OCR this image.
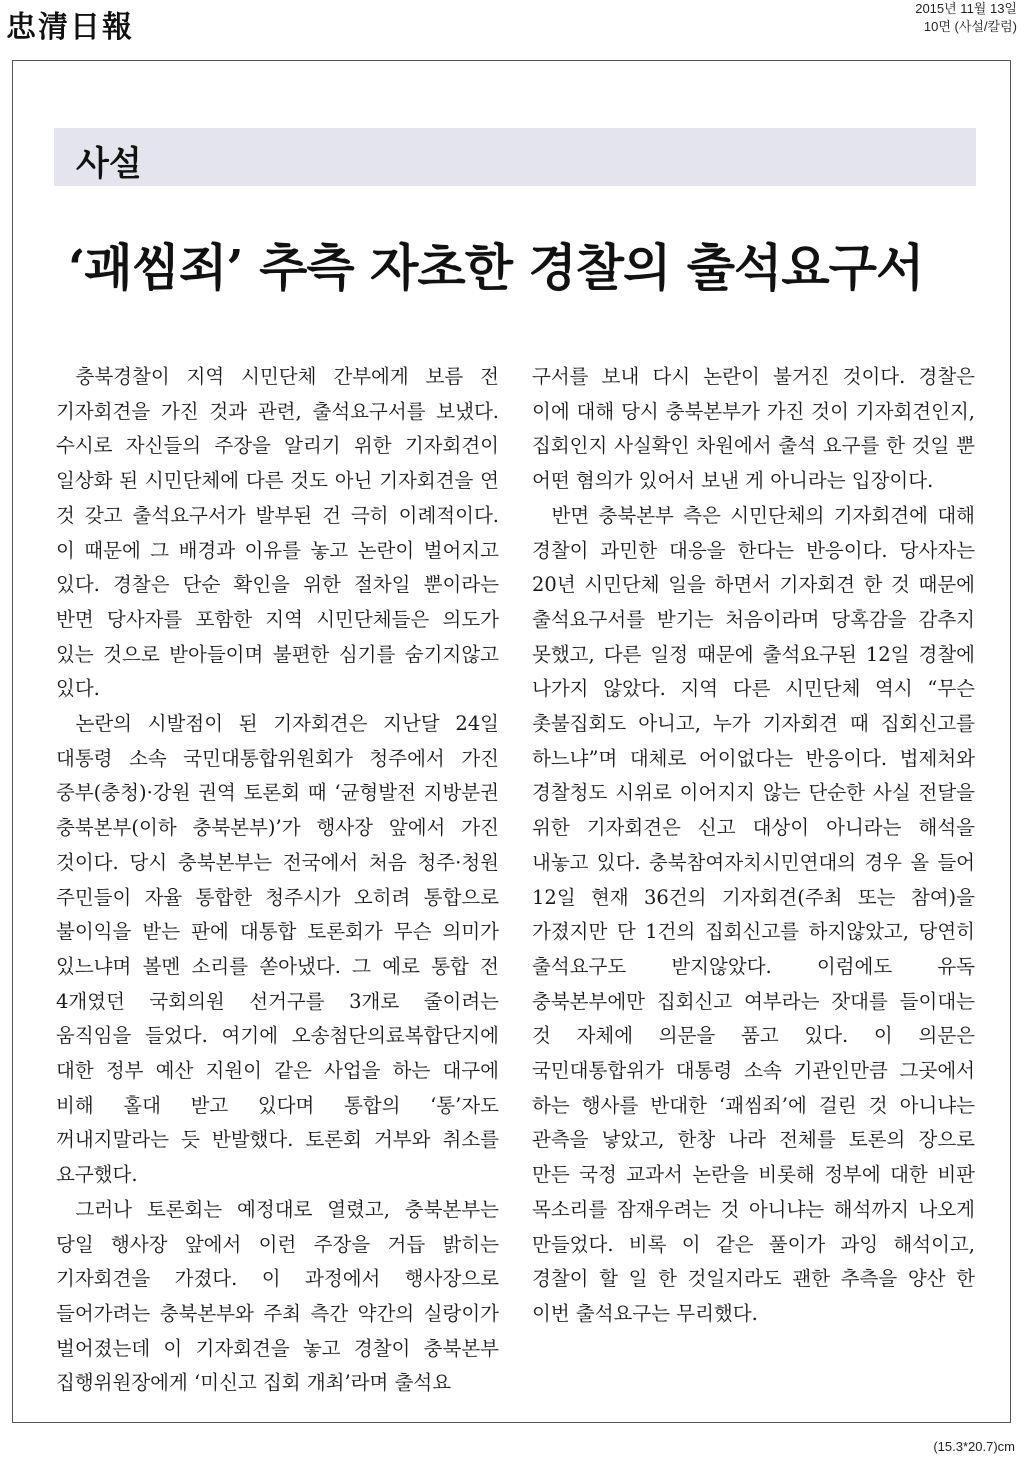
忠清日報
2015년 11월 13일
10면 (사설/칼럼)
사설
‘괘씸죄’ 추측 자초한 경찰의 출석요구서

충북경찰이 지역 시민단체 간부에게 보름 전 기자회견을 가진 것과 관련, 출석요구서를 보냈다. 수시로 자신들의 주장을 알리기 위한 기자회견이 일상화 된 시민단체에 다른 것도 아닌 기자회견을 연 것 갖고 출석요구서가 발부된 건 극히 이례적이다. 이 때문에 그 배경과 이유를 놓고 논란이 벌어지고 있다. 경찰은 단순 확인을 위한 절차일 뿐이라는 반면 당사자를 포함한 지역 시민단체들은 의도가 있는 것으로 받아들이며 불편한 심기를 숨기지않고 있다.

논란의 시발점이 된 기자회견은 지난달 24일 대통령 소속 국민대통합위원회가 청주에서 가진 중부(충청)·강원 권역 토론회 때 ‘균형발전 지방분권 충북본부(이하 충북본부)’가 행사장 앞에서 가진 것이다. 당시 충북본부는 전국에서 처음 청주·청원 주민들이 자율 통합한 청주시가 오히려 통합으로 불이익을 받는 판에 대통합 토론회가 무슨 의미가 있느냐며 볼멘 소리를 쏟아냈다. 그 예로 통합 전 4개였던 국회의원 선거구를 3개로 줄이려는 움직임을 들었다. 여기에 오송첨단의료복합단지에 대한 정부 예산 지원이 같은 사업을 하는 대구에 비해 홀대 받고 있다며 통합의 ‘통’자도 꺼내지말라는 듯 반발했다. 토론회 거부와 취소를 요구했다.

그러나 토론회는 예정대로 열렸고, 충북본부는 당일 행사장 앞에서 이런 주장을 거듭 밝히는 기자회견을 가졌다. 이 과정에서 행사장으로 들어가려는 충북본부와 주최 측간 약간의 실랑이가 벌어졌는데 이 기자회견을 놓고 경찰이 충북본부 집행위원장에게 ‘미신고 집회 개최’라며 출석요

구서를 보내 다시 논란이 불거진 것이다. 경찰은 이에 대해 당시 충북본부가 가진 것이 기자회견인지, 집회인지 사실확인 차원에서 출석 요구를 한 것일 뿐 어떤 혐의가 있어서 보낸 게 아니라는 입장이다.

반면 충북본부 측은 시민단체의 기자회견에 대해 경찰이 과민한 대응을 한다는 반응이다. 당사자는 20년 시민단체 일을 하면서 기자회견 한 것 때문에 출석요구서를 받기는 처음이라며 당혹감을 감추지 못했고, 다른 일정 때문에 출석요구된 12일 경찰에 나가지 않았다. 지역 다른 시민단체 역시 “무슨 촛불집회도 아니고, 누가 기자회견 때 집회신고를 하느냐”며 대체로 어이없다는 반응이다. 법제처와 경찰청도 시위로 이어지지 않는 단순한 사실 전달을 위한 기자회견은 신고 대상이 아니라는 해석을 내놓고 있다. 충북참여자치시민연대의 경우 올 들어 12일 현재 36건의 기자회견(주최 또는 참여)을 가졌지만 단 1건의 집회신고를 하지않았고, 당연히 출석요구도 받지않았다. 이럼에도 유독 충북본부에만 집회신고 여부라는 잣대를 들이대는 것 자체에 의문을 품고 있다. 이 의문은 국민대통합위가 대통령 소속 기관인만큼 그곳에서 하는 행사를 반대한 ‘괘씸죄’에 걸린 것 아니냐는 관측을 낳았고, 한창 나라 전체를 토론의 장으로 만든 국정 교과서 논란을 비롯해 정부에 대한 비판 목소리를 잠재우려는 것 아니냐는 해석까지 나오게 만들었다. 비록 이 같은 풀이가 과잉 해석이고, 경찰이 할 일 한 것일지라도 괜한 추측을 양산 한 이번 출석요구는 무리했다.

(15.3*20.7)cm
